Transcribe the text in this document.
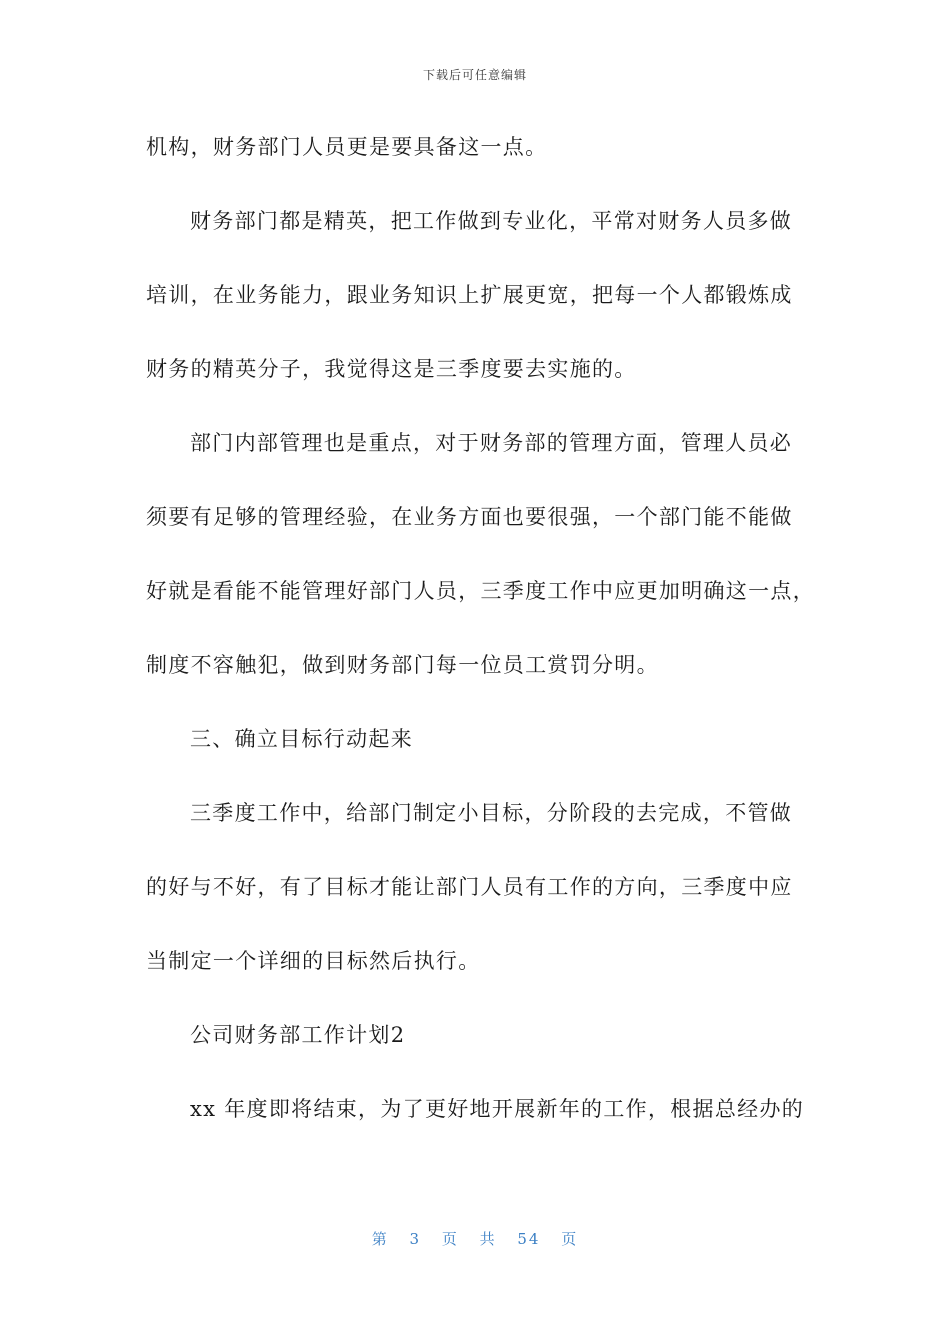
下载后可任意编辑
机构，财务部门人员更是要具备这一点。
财务部门都是精英，把工作做到专业化，平常对财务人员多做
培训，在业务能力，跟业务知识上扩展更宽，把每一个人都锻炼成
财务的精英分子，我觉得这是三季度要去实施的。
部门内部管理也是重点，对于财务部的管理方面，管理人员必
须要有足够的管理经验，在业务方面也要很强，一个部门能不能做
好就是看能不能管理好部门人员，三季度工作中应更加明确这一点，
制度不容触犯，做到财务部门每一位员工赏罚分明。
三、确立目标行动起来
三季度工作中，给部门制定小目标，分阶段的去完成，不管做
的好与不好，有了目标才能让部门人员有工作的方向，三季度中应
当制定一个详细的目标然后执行。
公司财务部工作计划2
xx 年度即将结束，为了更好地开展新年的工作，根据总经办的
第 3 页 共 54 页
